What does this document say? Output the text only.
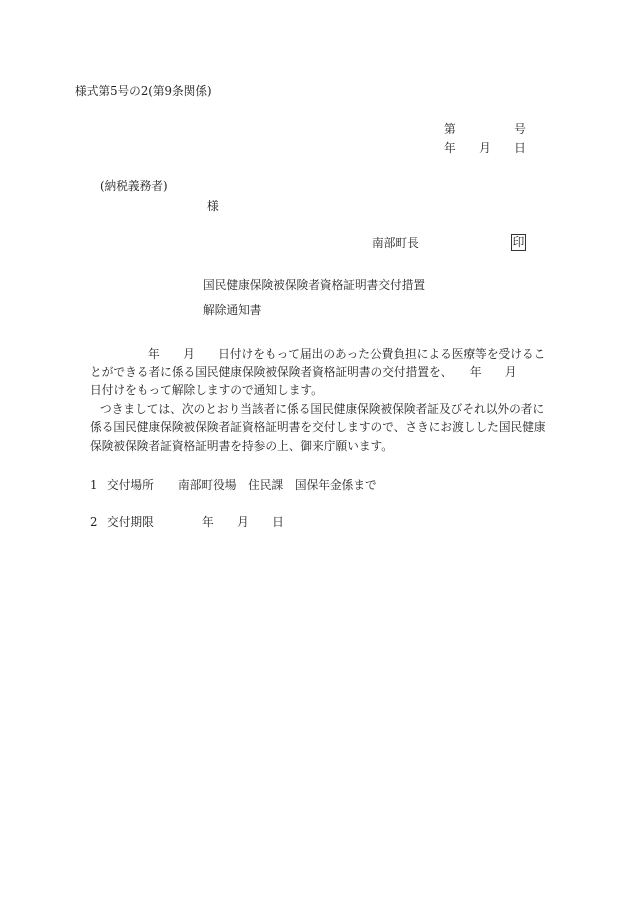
様式第5号の2(第9条関係)
第　　　　　号
年　　月　　日
(納税義務者)
様
南部町長	印
国民健康保険被保険者資格証明書交付措置
解除通知書
年　　月　　日付けをもって届出のあった公費負担による医療等を受けるこ
とができる者に係る国民健康保険被保険者資格証明書の交付措置を、　　年　　月
日付けをもって解除しますので通知します。
つきましては、次のとおり当該者に係る国民健康保険被保険者証及びそれ以外の者に
係る国民健康保険被保険者証資格証明書を交付しますので、さきにお渡しした国民健康
保険被保険者証資格証明書を持参の上、御来庁願います。
1 交付場所 南部町役場　住民課　国保年金係まで
2 交付期限	年　　月　　日
